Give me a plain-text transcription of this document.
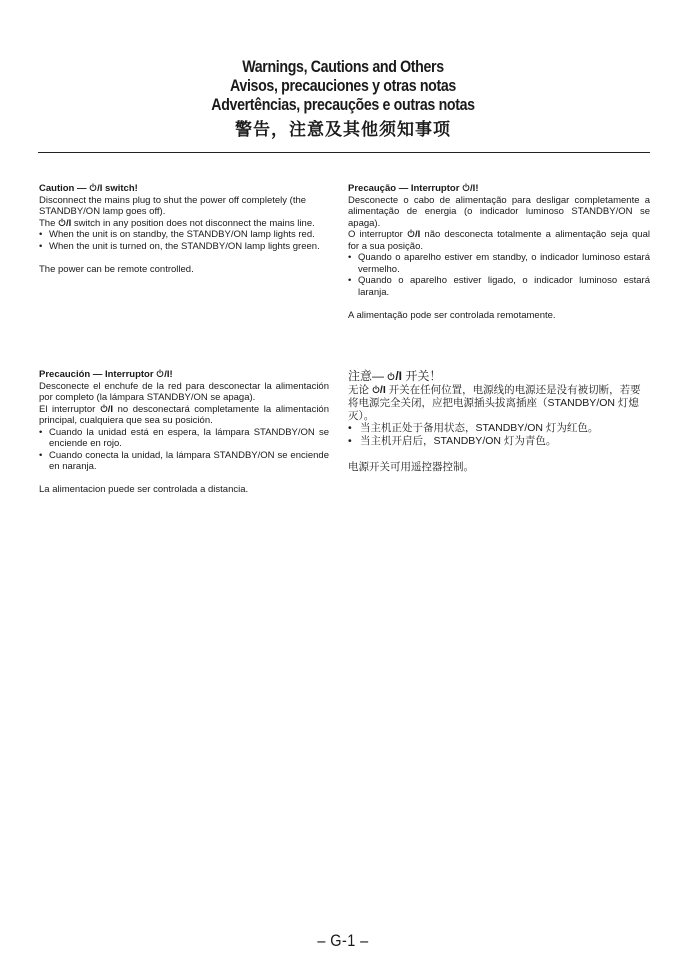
Warnings, Cautions and Others
Avisos, precauciones y otras notas
Advertências, precauções e outras notas
警告，注意及其他须知事项
Caution — /I switch!

Disconnect the mains plug to shut the power off completely (the STANDBY/ON lamp goes off).

The /I switch in any position does not disconnect the mains line.

• When the unit is on standby, the STANDBY/ON lamp lights red.
• When the unit is turned on, the STANDBY/ON lamp lights green.

The power can be remote controlled.

Precaução — Interruptor /I!

Desconecte o cabo de alimentação para desligar completamente a alimentação de energia (o indicador luminoso STANDBY/ON se apaga).

O interruptor /I não desconecta totalmente a alimentação seja qual for a sua posição.

• Quando o aparelho estiver em standby, o indicador luminoso estará vermelho.
• Quando o aparelho estiver ligado, o indicador luminoso estará laranja.

A alimentação pode ser controlada remotamente.

Precaución — Interruptor /I!

Desconecte el enchufe de la red para desconectar la alimentación por completo (la lámpara STANDBY/ON se apaga).

El interruptor /I no desconectará completamente la alimentación principal, cualquiera que sea su posición.

• Cuando la unidad está en espera, la lámpara STANDBY/ON se enciende en rojo.
• Cuando conecta la unidad, la lámpara STANDBY/ON se enciende en naranja.

La alimentacion puede ser controlada a distancia.

注意— /I 开关！

无论 /I 开关在任何位置，电源线的电源还是没有被切断，若要将电源完全关闭，应把电源插头拔离插座（STANDBY/ON 灯熄灭）。

• 当主机正处于备用状态，STANDBY/ON 灯为红色。
• 当主机开启后，STANDBY/ON 灯为青色。

电源开关可用遥控器控制。

– G-1 –
